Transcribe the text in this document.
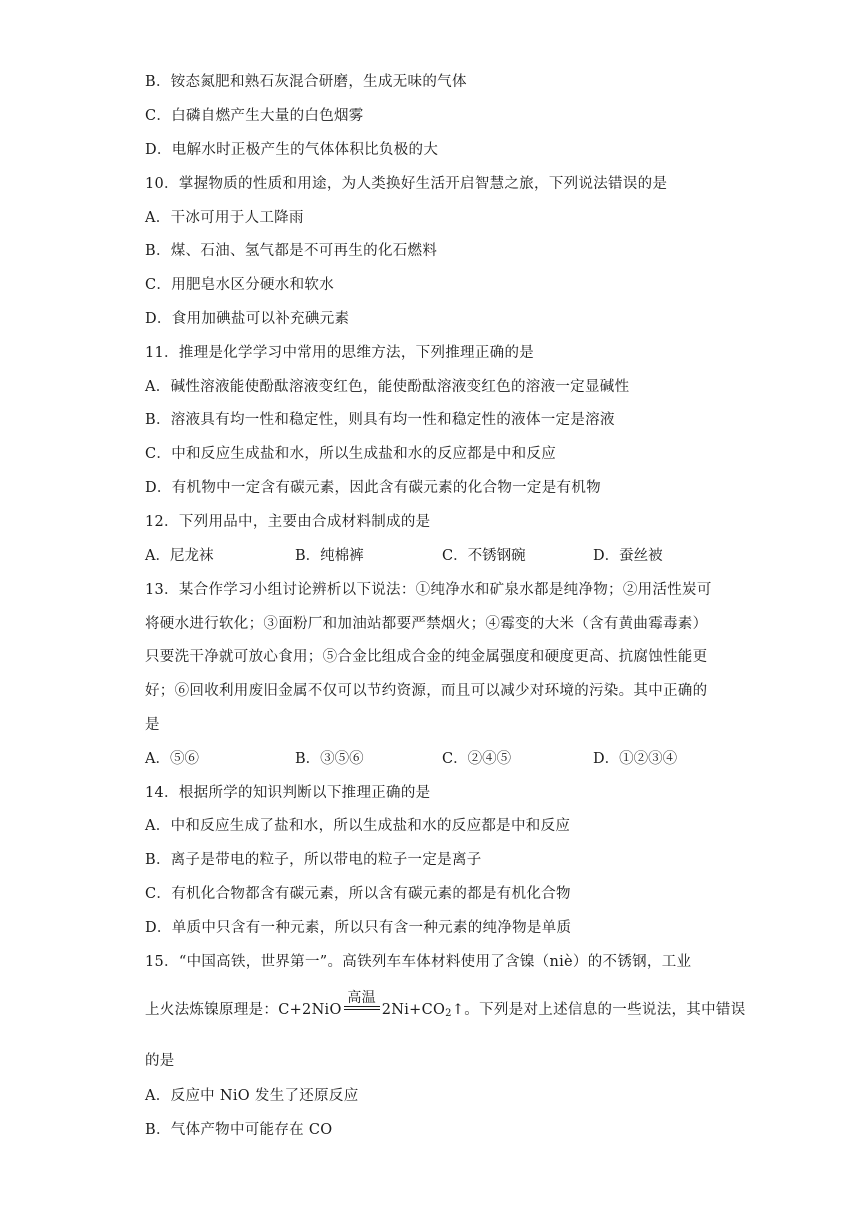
B．铵态氮肥和熟石灰混合研磨，生成无味的气体
C．白磷自燃产生大量的白色烟雾
D．电解水时正极产生的气体体积比负极的大
10．掌握物质的性质和用途，为人类换好生活开启智慧之旅，下列说法错误的是
A．干冰可用于人工降雨
B．煤、石油、氢气都是不可再生的化石燃料
C．用肥皂水区分硬水和软水
D．食用加碘盐可以补充碘元素
11．推理是化学学习中常用的思维方法，下列推理正确的是
A．碱性溶液能使酚酞溶液变红色，能使酚酞溶液变红色的溶液一定显碱性
B．溶液具有均一性和稳定性，则具有均一性和稳定性的液体一定是溶液
C．中和反应生成盐和水，所以生成盐和水的反应都是中和反应
D．有机物中一定含有碳元素，因此含有碳元素的化合物一定是有机物
12．下列用品中，主要由合成材料制成的是
A．尼龙袜	B．纯棉裤	C．不锈钢碗	D．蚕丝被
13．某合作学习小组讨论辨析以下说法：①纯净水和矿泉水都是纯净物；②用活性炭可
将硬水进行软化；③面粉厂和加油站都要严禁烟火；④霉变的大米（含有黄曲霉毒素）
只要洗干净就可放心食用；⑤合金比组成合金的纯金属强度和硬度更高、抗腐蚀性能更
好；⑥回收利用废旧金属不仅可以节约资源，而且可以减少对环境的污染。其中正确的
是
A．⑤⑥	B．③⑤⑥	C．②④⑤	D．①②③④
14．根据所学的知识判断以下推理正确的是
A．中和反应生成了盐和水，所以生成盐和水的反应都是中和反应
B．离子是带电的粒子，所以带电的粒子一定是离子
C．有机化合物都含有碳元素，所以含有碳元素的都是有机化合物
D．单质中只含有一种元素，所以只有含一种元素的纯净物是单质
15．“中国高铁，世界第一”。高铁列车车体材料使用了含镍（niè）的不锈钢，工业
上火法炼镍原理是：C+2NiO
高温
$2Ni+CO_2↑$。下列是对上述信息的一些说法，其中错误
的是
A．反应中 NiO 发生了还原反应
B．气体产物中可能存在 CO
